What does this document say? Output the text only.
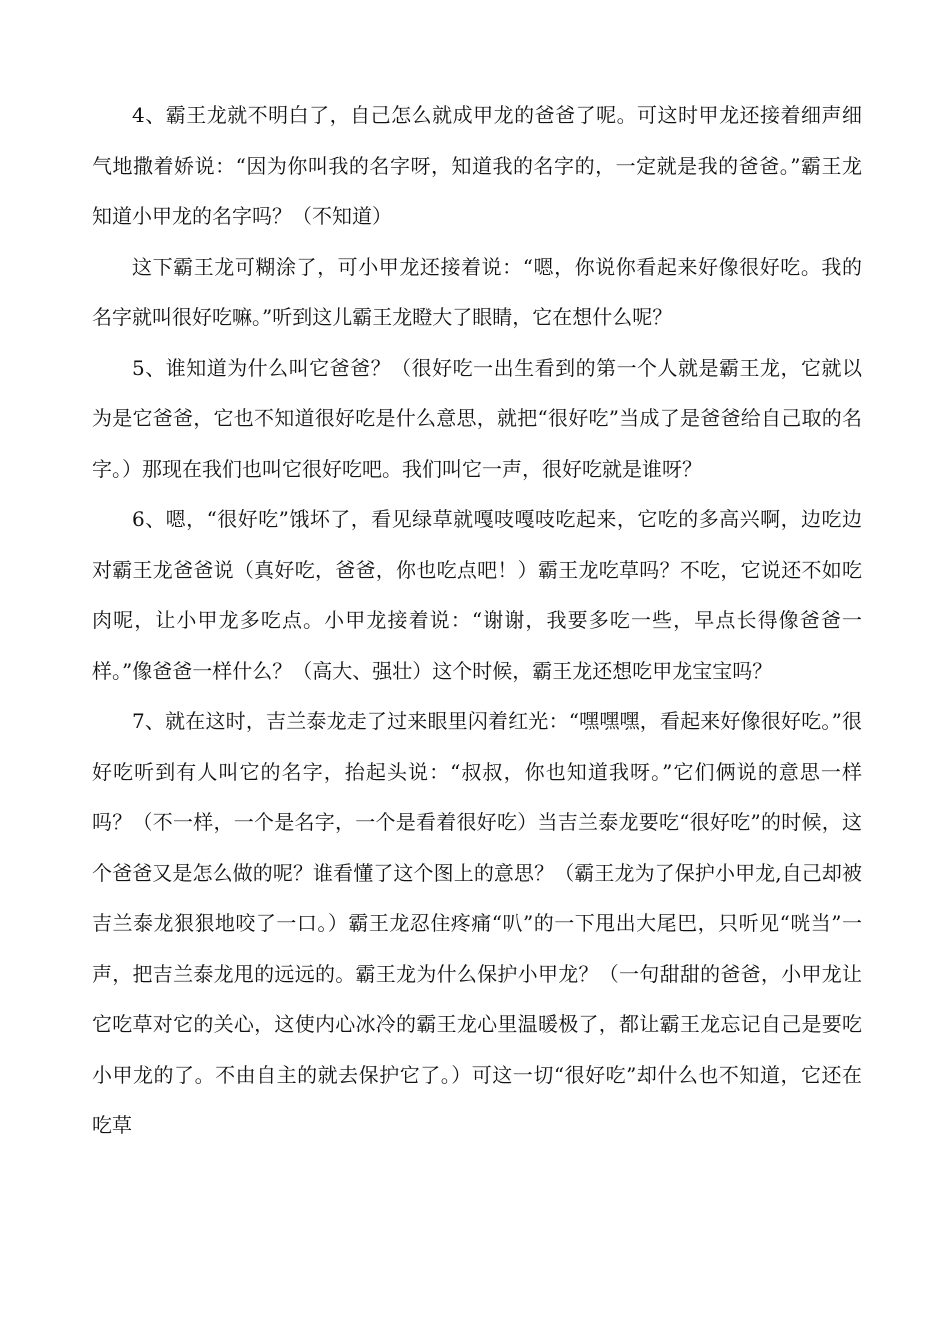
4、霸王龙就不明白了，自己怎么就成甲龙的爸爸了呢。可这时甲龙还接着细声细气地撒着娇说：“因为你叫我的名字呀，知道我的名字的，一定就是我的爸爸。”霸王龙知道小甲龙的名字吗？（不知道）

这下霸王龙可糊涂了，可小甲龙还接着说：“嗯，你说你看起来好像很好吃。我的名字就叫很好吃嘛。”听到这儿霸王龙瞪大了眼睛，它在想什么呢？

5、谁知道为什么叫它爸爸？（很好吃一出生看到的第一个人就是霸王龙，它就以为是它爸爸，它也不知道很好吃是什么意思，就把“很好吃”当成了是爸爸给自己取的名字。）那现在我们也叫它很好吃吧。我们叫它一声，很好吃就是谁呀？

6、嗯，“很好吃”饿坏了，看见绿草就嘎吱嘎吱吃起来，它吃的多高兴啊，边吃边对霸王龙爸爸说（真好吃，爸爸，你也吃点吧！）霸王龙吃草吗？不吃，它说还不如吃肉呢，让小甲龙多吃点。小甲龙接着说：“谢谢，我要多吃一些，早点长得像爸爸一样。”像爸爸一样什么？（高大、强壮）这个时候，霸王龙还想吃甲龙宝宝吗？

7、就在这时，吉兰泰龙走了过来眼里闪着红光：“嘿嘿嘿，看起来好像很好吃。”很好吃听到有人叫它的名字，抬起头说：“叔叔，你也知道我呀。”它们俩说的意思一样吗？（不一样，一个是名字，一个是看着很好吃）当吉兰泰龙要吃“很好吃”的时候，这个爸爸又是怎么做的呢？谁看懂了这个图上的意思？（霸王龙为了保护小甲龙,自己却被吉兰泰龙狠狠地咬了一口。）霸王龙忍住疼痛“叭”的一下甩出大尾巴，只听见“咣当”一声，把吉兰泰龙甩的远远的。霸王龙为什么保护小甲龙？（一句甜甜的爸爸，小甲龙让它吃草对它的关心，这使内心冰冷的霸王龙心里温暖极了，都让霸王龙忘记自己是要吃小甲龙的了。不由自主的就去保护它了。）可这一切“很好吃”却什么也不知道，它还在吃草
